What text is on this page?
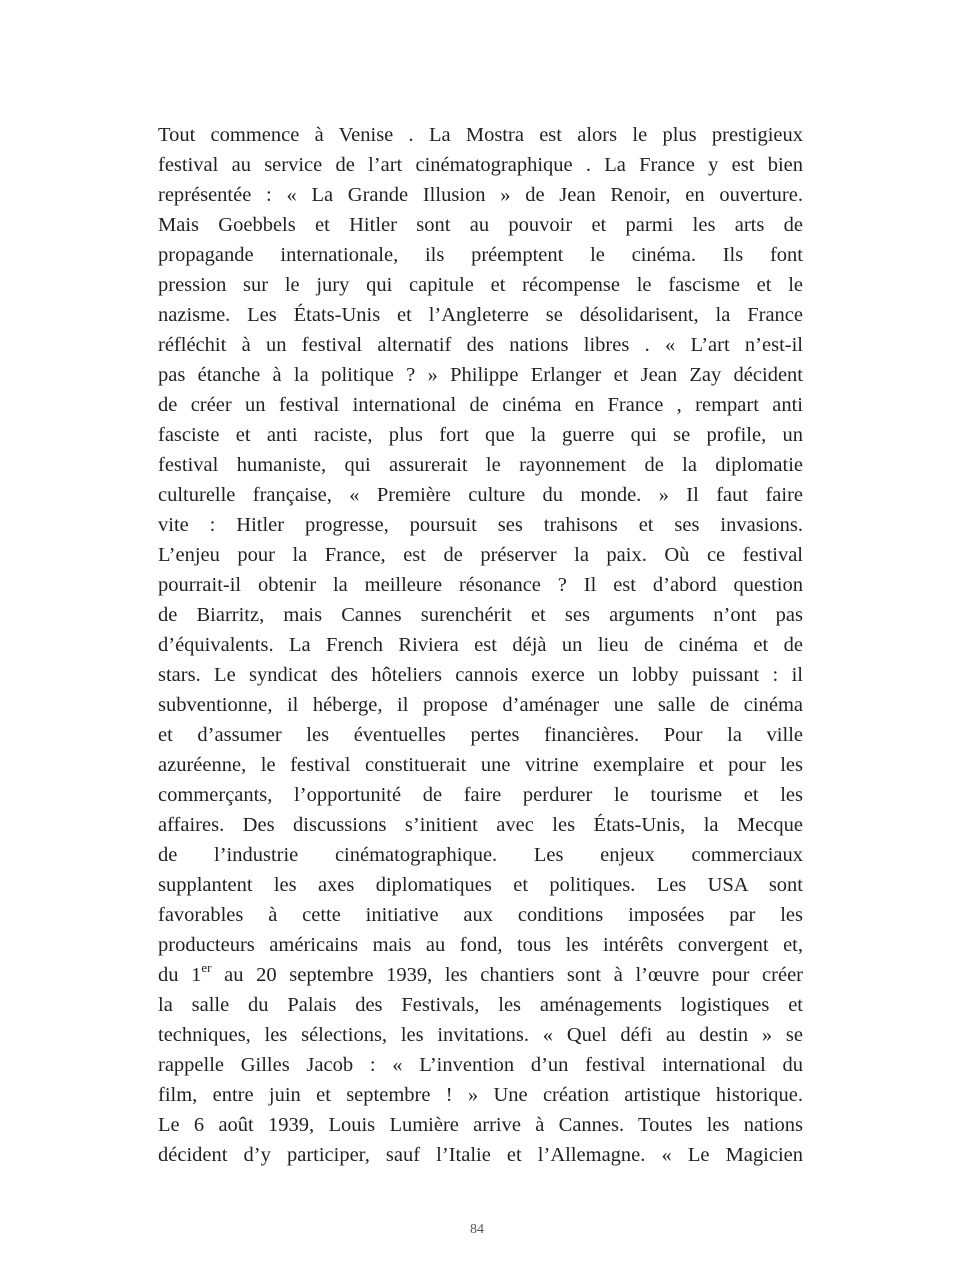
Tout commence à Venise . La Mostra est alors le plus prestigieux
festival au service de l’art cinématographique . La France y est bien
représentée : « La Grande Illusion » de Jean Renoir, en ouverture.
Mais Goebbels et Hitler sont au pouvoir et parmi les arts de
propagande internationale, ils préemptent le cinéma. Ils font
pression sur le jury qui capitule et récompense le fascisme et le
nazisme. Les États-Unis et l’Angleterre se désolidarisent, la France
réfléchit à un festival alternatif des nations libres . « L’art n’est-il
pas étanche à la politique ? » Philippe Erlanger et Jean Zay décident
de créer un festival international de cinéma en France , rempart anti
fasciste et anti raciste, plus fort que la guerre qui se profile, un
festival humaniste, qui assurerait le rayonnement de la diplomatie
culturelle française, « Première culture du monde. » Il faut faire
vite : Hitler progresse, poursuit ses trahisons et ses invasions.
L’enjeu pour la France, est de préserver la paix. Où ce festival
pourrait-il obtenir la meilleure résonance ? Il est d’abord question
de Biarritz, mais Cannes surenchérit et ses arguments n’ont pas
d’équivalents. La French Riviera est déjà un lieu de cinéma et de
stars. Le syndicat des hôteliers cannois exerce un lobby puissant : il
subventionne, il héberge, il propose d’aménager une salle de cinéma
et d’assumer les éventuelles pertes financières. Pour la ville
azuréenne, le festival constituerait une vitrine exemplaire et pour les
commerçants, l’opportunité de faire perdurer le tourisme et les
affaires. Des discussions s’initient avec les États-Unis, la Mecque
de l’industrie cinématographique. Les enjeux commerciaux
supplantent les axes diplomatiques et politiques. Les USA sont
favorables à cette initiative aux conditions imposées par les
producteurs américains mais au fond, tous les intérêts convergent et,
du 1er au 20 septembre 1939, les chantiers sont à l’œuvre pour créer
la salle du Palais des Festivals, les aménagements logistiques et
techniques, les sélections, les invitations. « Quel défi au destin » se
rappelle Gilles Jacob : « L’invention d’un festival international du
film, entre juin et septembre ! » Une création artistique historique.
Le 6 août 1939, Louis Lumière arrive à Cannes. Toutes les nations
décident d’y participer, sauf l’Italie et l’Allemagne. « Le Magicien
84
